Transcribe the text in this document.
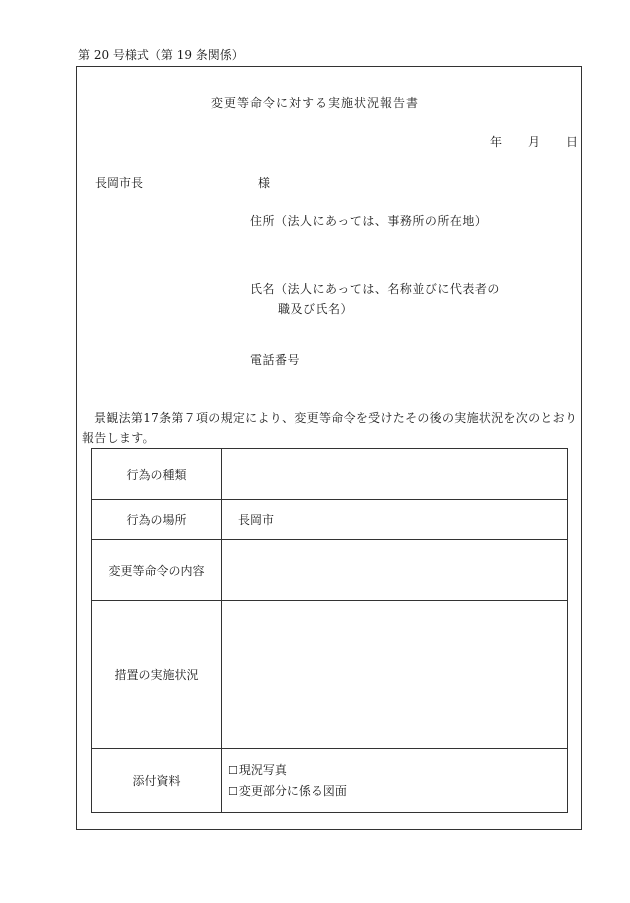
第 20 号様式（第 19 条関係）
変更等命令に対する実施状況報告書
年 月 日
長岡市長	様
住所（法人にあっては、事務所の所在地）
氏名（法人にあっては、名称並びに代表者の
職及び氏名）
電話番号
景観法第17条第７項の規定により、変更等命令を受けたその後の実施状況を次のとおり報告します。
行為の種類	
行為の場所	長岡市
変更等命令の内容	
措置の実施状況	
添付資料	☐現況写真
☐変更部分に係る図面
